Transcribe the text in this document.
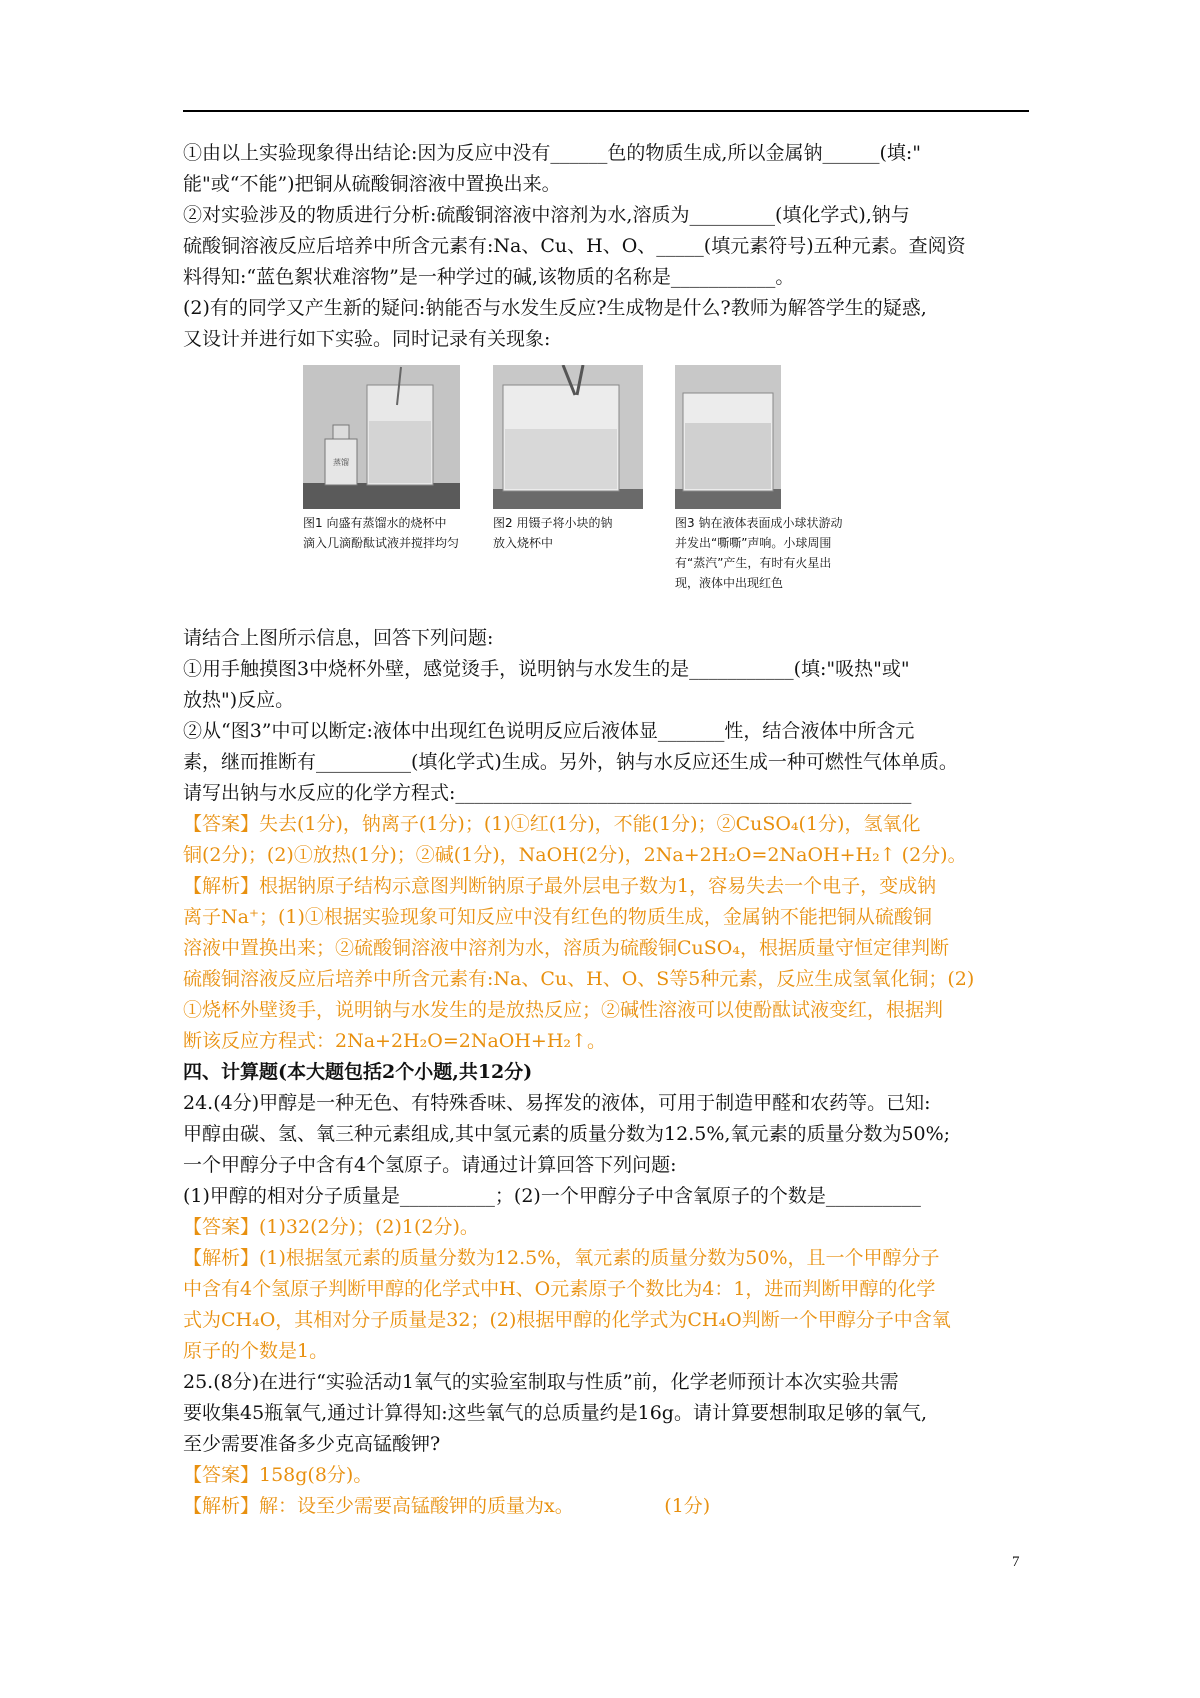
①由以上实验现象得出结论:因为反应中没有______色的物质生成,所以金属钠______(填:"

能"或“不能”)把铜从硫酸铜溶液中置换出来。

②对实验涉及的物质进行分析:硫酸铜溶液中溶剂为水,溶质为_________(填化学式),钠与

硫酸铜溶液反应后培养中所含元素有:Na、Cu、H、O、_____(填元素符号)五种元素。查阅资

料得知:“蓝色絮状难溶物”是一种学过的碱,该物质的名称是___________。

(2)有的同学又产生新的疑问:钠能否与水发生反应?生成物是什么?教师为解答学生的疑惑,

又设计并进行如下实验。同时记录有关现象:

蒸馏
图1 向盛有蒸馏水的烧杯中
滴入几滴酚酞试液并搅拌均匀
图2 用镊子将小块的钠
放入烧杯中
图3 钠在液体表面成小球状游动
并发出“嘶嘶”声响。小球周围
有“蒸汽”产生，有时有火星出
现，液体中出现红色

请结合上图所示信息，回答下列问题:

①用手触摸图3中烧杯外壁，感觉烫手，说明钠与水发生的是___________(填:"吸热"或"

放热")反应。

②从“图3”中可以断定:液体中出现红色说明反应后液体显_______性，结合液体中所含元

素，继而推断有__________(填化学式)生成。另外，钠与水反应还生成一种可燃性气体单质。

请写出钠与水反应的化学方程式:________________________________________________

【答案】失去(1分)，钠离子(1分)；(1)①红(1分)，不能(1分)；②CuSO₄(1分)，氢氧化

铜(2分)；(2)①放热(1分)；②碱(1分)，NaOH(2分)，2Na+2H₂O=2NaOH+H₂↑ (2分)。

【解析】根据钠原子结构示意图判断钠原子最外层电子数为1，容易失去一个电子，变成钠

离子Na⁺；(1)①根据实验现象可知反应中没有红色的物质生成，金属钠不能把铜从硫酸铜

溶液中置换出来；②硫酸铜溶液中溶剂为水，溶质为硫酸铜CuSO₄，根据质量守恒定律判断

硫酸铜溶液反应后培养中所含元素有:Na、Cu、H、O、S等5种元素，反应生成氢氧化铜；(2)

①烧杯外壁烫手，说明钠与水发生的是放热反应；②碱性溶液可以使酚酞试液变红，根据判

断该反应方程式：2Na+2H₂O=2NaOH+H₂↑。

四、计算题(本大题包括2个小题,共12分)

24.(4分)甲醇是一种无色、有特殊香味、易挥发的液体，可用于制造甲醛和农药等。已知:

甲醇由碳、氢、氧三种元素组成,其中氢元素的质量分数为12.5%,氧元素的质量分数为50%;

一个甲醇分子中含有4个氢原子。请通过计算回答下列问题:

(1)甲醇的相对分子质量是__________；(2)一个甲醇分子中含氧原子的个数是__________

【答案】(1)32(2分)；(2)1(2分)。

【解析】(1)根据氢元素的质量分数为12.5%，氧元素的质量分数为50%，且一个甲醇分子

中含有4个氢原子判断甲醇的化学式中H、O元素原子个数比为4：1，进而判断甲醇的化学

式为CH₄O，其相对分子质量是32；(2)根据甲醇的化学式为CH₄O判断一个甲醇分子中含氧

原子的个数是1。

25.(8分)在进行“实验活动1氧气的实验室制取与性质”前，化学老师预计本次实验共需

要收集45瓶氧气,通过计算得知:这些氧气的总质量约是16g。请计算要想制取足够的氧气,

至少需要准备多少克高锰酸钾?

【答案】158g(8分)。

【解析】解：设至少需要高锰酸钾的质量为x。               (1分)

7
